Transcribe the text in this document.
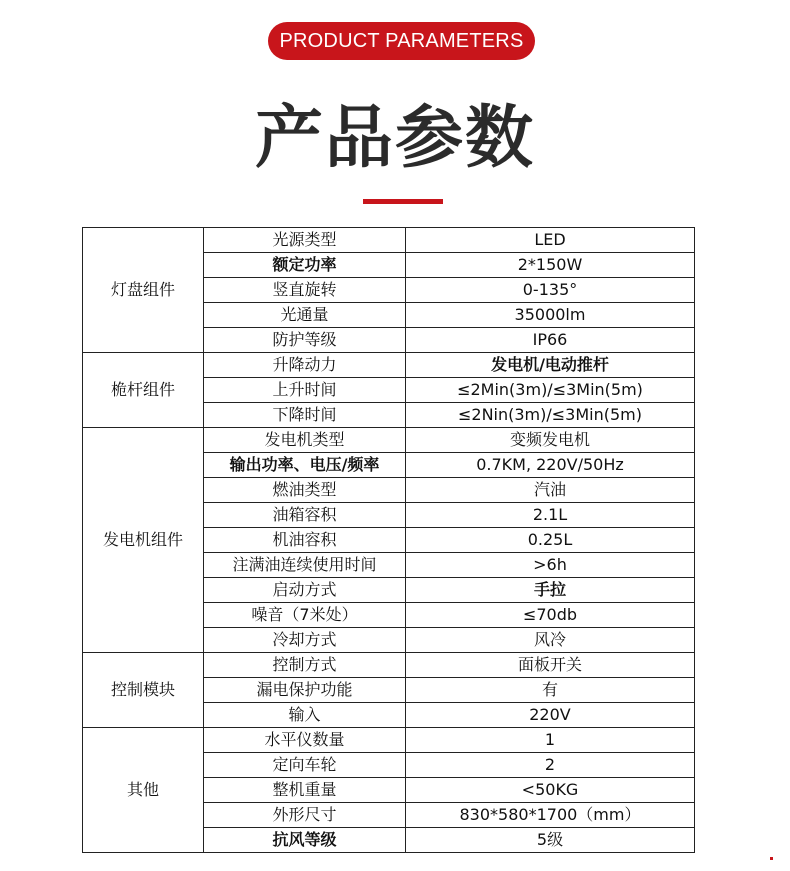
PRODUCT PARAMETERS
产品参数
灯盘组件	光源类型	LED
	额定功率	2*150W
	竖直旋转	0-135°
	光通量	35000lm
	防护等级	IP66
桅杆组件	升降动力	发电机/电动推杆
	上升时间	≤2Min(3m)/≤3Min(5m)
	下降时间	≤2Nin(3m)/≤3Min(5m)
发电机组件	发电机类型	变频发电机
	输出功率、电压/频率	0.7KM, 220V/50Hz
	燃油类型	汽油
	油箱容积	2.1L
	机油容积	0.25L
	注满油连续使用时间	>6h
	启动方式	手拉
	噪音（7米处）	≤70db
	冷却方式	风冷
控制模块	控制方式	面板开关
	漏电保护功能	有
	输入	220V
其他	水平仪数量	1
	定向车轮	2
	整机重量	<50KG
	外形尺寸	830*580*1700（mm）
	抗风等级	5级
